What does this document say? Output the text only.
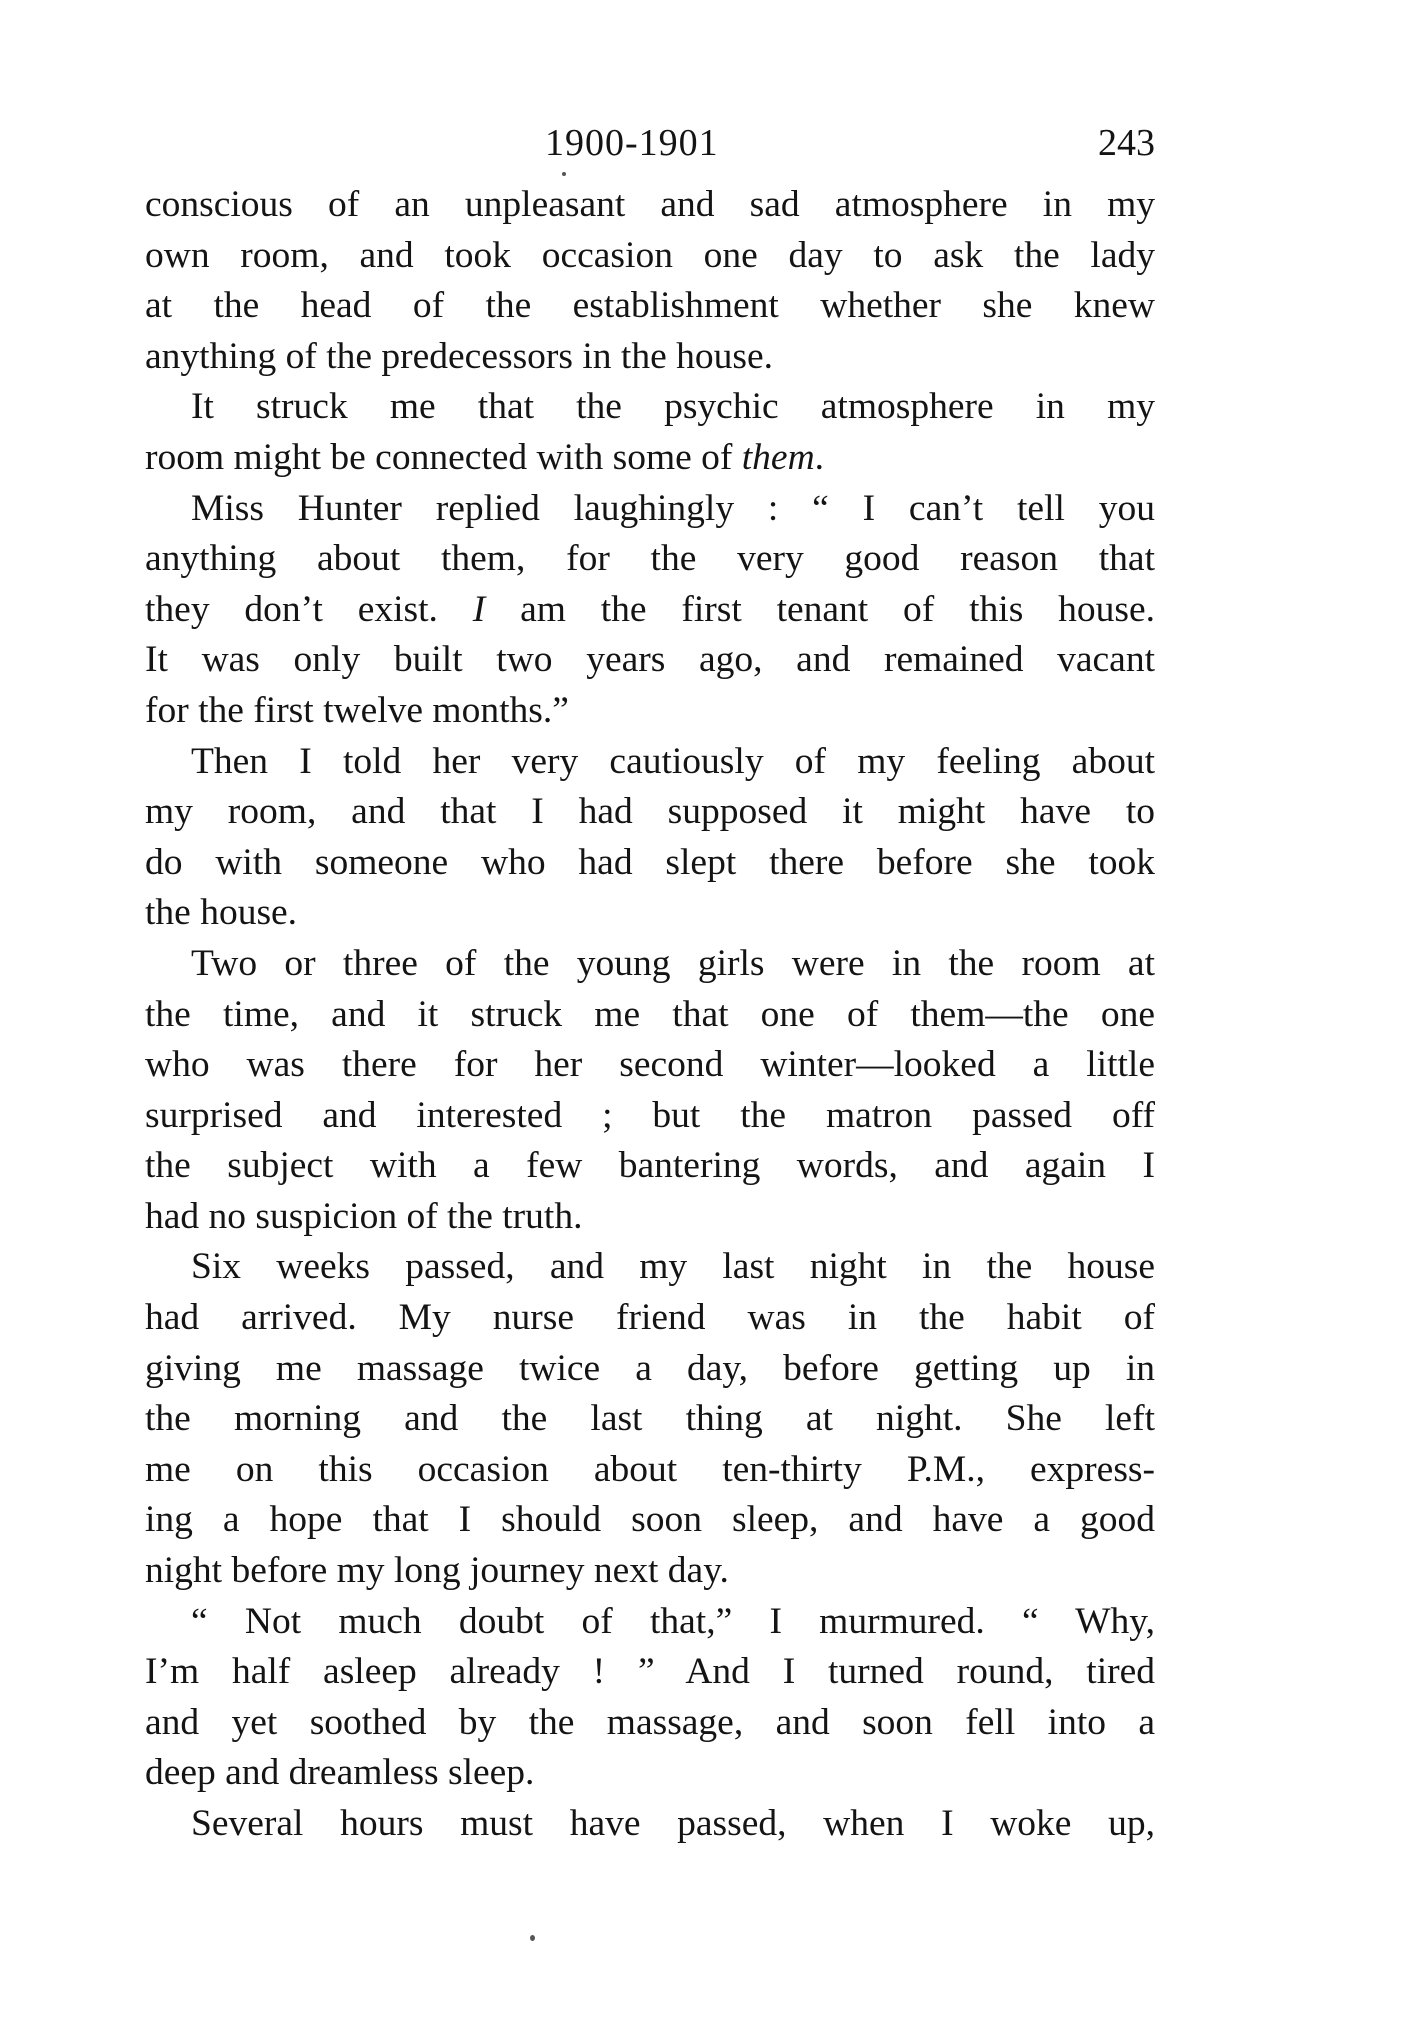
1900-1901	243
conscious of an unpleasant and sad atmosphere in my
own room, and took occasion one day to ask the lady
at the head of the establishment whether she knew
anything of the predecessors in the house.
It struck me that the psychic atmosphere in my
room might be connected with some of them.
Miss Hunter replied laughingly : “ I can’t tell you
anything about them, for the very good reason that
they don’t exist. I am the first tenant of this house.
It was only built two years ago, and remained vacant
for the first twelve months.”
Then I told her very cautiously of my feeling about
my room, and that I had supposed it might have to
do with someone who had slept there before she took
the house.
Two or three of the young girls were in the room at
the time, and it struck me that one of them—the one
who was there for her second winter—looked a little
surprised and interested ; but the matron passed off
the subject with a few bantering words, and again I
had no suspicion of the truth.
Six weeks passed, and my last night in the house
had arrived. My nurse friend was in the habit of
giving me massage twice a day, before getting up in
the morning and the last thing at night. She left
me on this occasion about ten-thirty P.M., express-
ing a hope that I should soon sleep, and have a good
night before my long journey next day.
“ Not much doubt of that,” I murmured. “ Why,
I’m half asleep already ! ” And I turned round, tired
and yet soothed by the massage, and soon fell into a
deep and dreamless sleep.
Several hours must have passed, when I woke up,
